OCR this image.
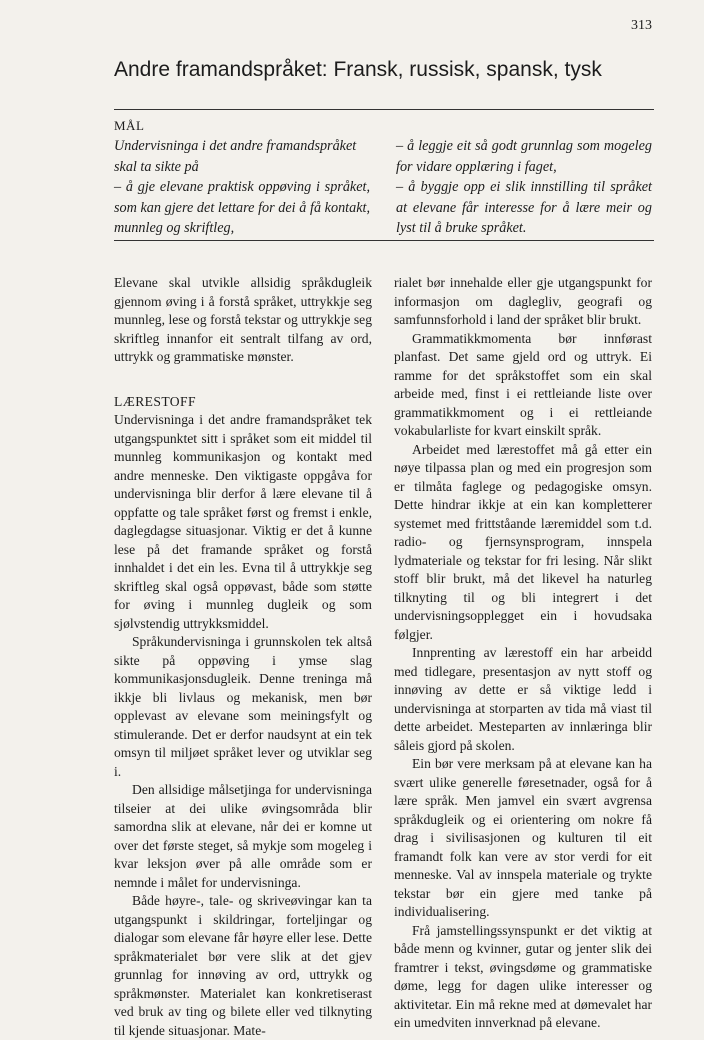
313
Andre framandspråket: Fransk, russisk, spansk, tysk
MÅL
Undervisninga i det andre framandspråket
skal ta sikte på
– å gje elevane praktisk oppøving i språket, som kan gjere det lettare for dei å få kontakt, munnleg og skriftleg,
– å leggje eit så godt grunnlag som mogeleg for vidare opplæring i faget,
– å byggje opp ei slik innstilling til språket at elevane får interesse for å lære meir og lyst til å bruke språket.

Elevane skal utvikle allsidig språkdugleik gjennom øving i å forstå språket, uttrykkje seg munnleg, lese og forstå tekstar og uttrykkje seg skriftleg innanfor eit sentralt tilfang av ord, uttrykk og grammatiske mønster.

LÆRESTOFF

Undervisninga i det andre framandspråket tek utgangspunktet sitt i språket som eit middel til munnleg kommunikasjon og kontakt med andre menneske. Den viktigaste oppgåva for undervisninga blir derfor å lære elevane til å oppfatte og tale språket først og fremst i enkle, daglegdagse situasjonar. Viktig er det å kunne lese på det framande språket og forstå innhaldet i det ein les. Evna til å uttrykkje seg skriftleg skal også oppøvast, både som støtte for øving i munnleg dugleik og som sjølvstendig uttrykksmiddel.

Språkundervisninga i grunnskolen tek altså sikte på oppøving i ymse slag kommunikasjonsdugleik. Denne treninga må ikkje bli livlaus og mekanisk, men bør opplevast av elevane som meiningsfylt og stimulerande. Det er derfor naudsynt at ein tek omsyn til miljøet språket lever og utviklar seg i.

Den allsidige målsetjinga for undervisninga tilseier at dei ulike øvingsområda blir samordna slik at elevane, når dei er komne ut over det første steget, så mykje som mogeleg i kvar leksjon øver på alle område som er nemnde i målet for undervisninga.

Både høyre-, tale- og skriveøvingar kan ta utgangspunkt i skildringar, forteljingar og dialogar som elevane får høyre eller lese. Dette språkmaterialet bør vere slik at det gjev grunnlag for innøving av ord, uttrykk og språkmønster. Materialet kan konkretiserast ved bruk av ting og bilete eller ved tilknyting til kjende situasjonar. Mate-

rialet bør innehalde eller gje utgangspunkt for informasjon om daglegliv, geografi og samfunnsforhold i land der språket blir brukt.

Grammatikkmomenta bør innførast planfast. Det same gjeld ord og uttryk. Ei ramme for det språkstoffet som ein skal arbeide med, finst i ei rettleiande liste over grammatikkmoment og i ei rettleiande vokabularliste for kvart einskilt språk.

Arbeidet med lærestoffet må gå etter ein nøye tilpassa plan og med ein progresjon som er tilmåta faglege og pedagogiske omsyn. Dette hindrar ikkje at ein kan kompletterer systemet med frittståande læremiddel som t.d. radio- og fjernsynsprogram, innspela lydmateriale og tekstar for fri lesing. Når slikt stoff blir brukt, må det likevel ha naturleg tilknyting til og bli integrert i det undervisningsopplegget ein i hovudsaka følgjer.

Innprenting av lærestoff ein har arbeidd med tidlegare, presentasjon av nytt stoff og innøving av dette er så viktige ledd i undervisninga at storparten av tida må viast til dette arbeidet. Mesteparten av innlæringa blir såleis gjord på skolen.

Ein bør vere merksam på at elevane kan ha svært ulike generelle føresetnader, også for å lære språk. Men jamvel ein svært avgrensa språkdugleik og ei orientering om nokre få drag i sivilisasjonen og kulturen til eit framandt folk kan vere av stor verdi for eit menneske. Val av innspela materiale og trykte tekstar bør ein gjere med tanke på individualisering.

Frå jamstellingssynspunkt er det viktig at både menn og kvinner, gutar og jenter slik dei framtrer i tekst, øvingsdøme og grammatiske døme, legg for dagen ulike interesser og aktivitetar. Ein må rekne med at dømevalet har ein umedviten innverknad på elevane.
